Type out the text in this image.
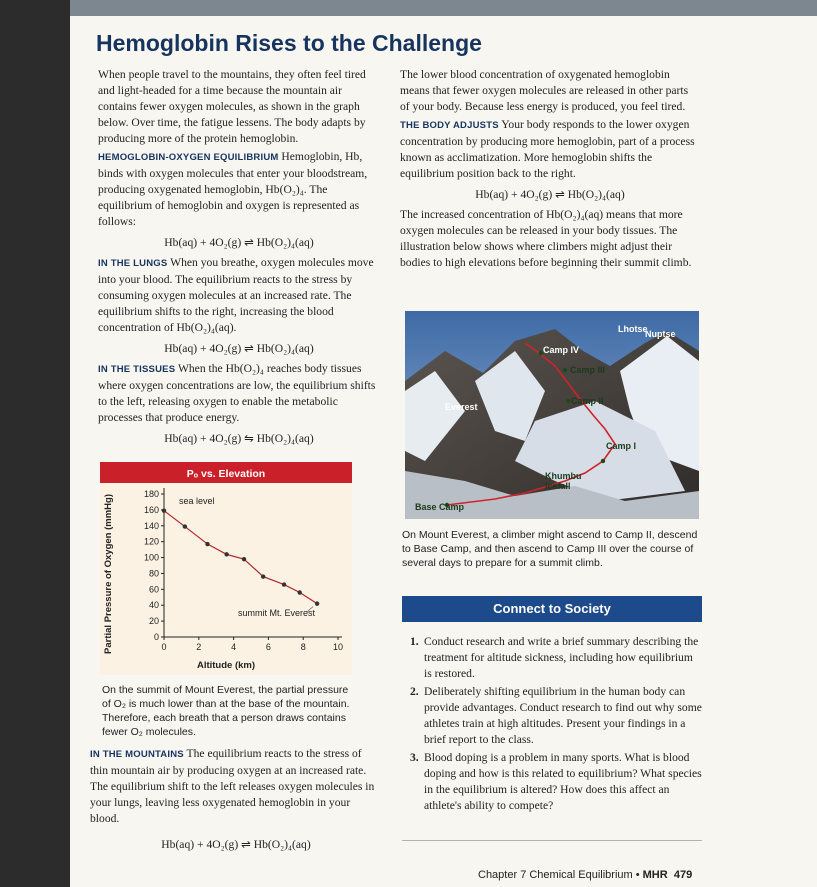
Hemoglobin Rises to the Challenge

When people travel to the mountains, they often feel tired and light-headed for a time because the mountain air contains fewer oxygen molecules, as shown in the graph below. Over time, the fatigue lessens. The body adapts by producing more of the protein hemoglobin.

HEMOGLOBIN-OXYGEN EQUILIBRIUM Hemoglobin, Hb, binds with oxygen molecules that enter your bloodstream, producing oxygenated hemoglobin, Hb(O₂)₄. The equilibrium of hemoglobin and oxygen is represented as follows:

Hb(aq) + 4O₂(g) ⇌ Hb(O₂)₄(aq)

IN THE LUNGS When you breathe, oxygen molecules move into your blood. The equilibrium reacts to the stress by consuming oxygen molecules at an increased rate. The equilibrium shifts to the right, increasing the blood concentration of Hb(O₂)₄(aq).

Hb(aq) + 4O₂(g) ⇌ Hb(O₂)₄(aq)

IN THE TISSUES When the Hb(O₂)₄ reaches body tissues where oxygen concentrations are low, the equilibrium shifts to the left, releasing oxygen to enable the metabolic processes that produce energy.

Hb(aq) + 4O₂(g) ⇋ Hb(O₂)₄(aq)

Pₒ vs. Elevation
0
20
40
60
80
100
120
140
160
180
0	2	4	6	8	10
summit Mt. Everest
sea level
Altitude (km)
Partial Pressure of Oxygen (mmHg)
On the summit of Mount Everest, the partial pressure of O₂ is much lower than at the base of the mountain. Therefore, each breath that a person draws contains fewer O₂ molecules.

IN THE MOUNTAINS The equilibrium reacts to the stress of thin mountain air by producing oxygen at an increased rate. The equilibrium shift to the left releases oxygen molecules in your lungs, leaving less oxygenated hemoglobin in your blood.

Hb(aq) + 4O₂(g) ⇌ Hb(O₂)₄(aq)

The lower blood concentration of oxygenated hemoglobin means that fewer oxygen molecules are released in other parts of your body. Because less energy is produced, you feel tired.

THE BODY ADJUSTS Your body responds to the lower oxygen concentration by producing more hemoglobin, part of a process known as acclimatization. More hemoglobin shifts the equilibrium position back to the right.

Hb(aq) + 4O₂(g) ⇌ Hb(O₂)₄(aq)

The increased concentration of Hb(O₂)₄(aq) means that more oxygen molecules can be released in your body tissues. The illustration below shows where climbers might adjust their bodies to high elevations before beginning their summit climb.

Lhotse
Nuptse
Everest
Camp IV
Camp III
Camp II
Camp I
Khumbu
Icefall
Base Camp
On Mount Everest, a climber might ascend to Camp II, descend to Base Camp, and then ascend to Camp III over the course of several days to prepare for a summit climb.
Connect to Society
1. Conduct research and write a brief summary describing the treatment for altitude sickness, including how equilibrium is restored.
2. Deliberately shifting equilibrium in the human body can provide advantages. Conduct research to find out why some athletes train at high altitudes. Present your findings in a brief report to the class.
3. Blood doping is a problem in many sports. What is blood doping and how is this related to equilibrium? What species in the equilibrium is altered? How does this affect an athlete's ability to compete?
Chapter 7 Chemical Equilibrium • MHR 479
